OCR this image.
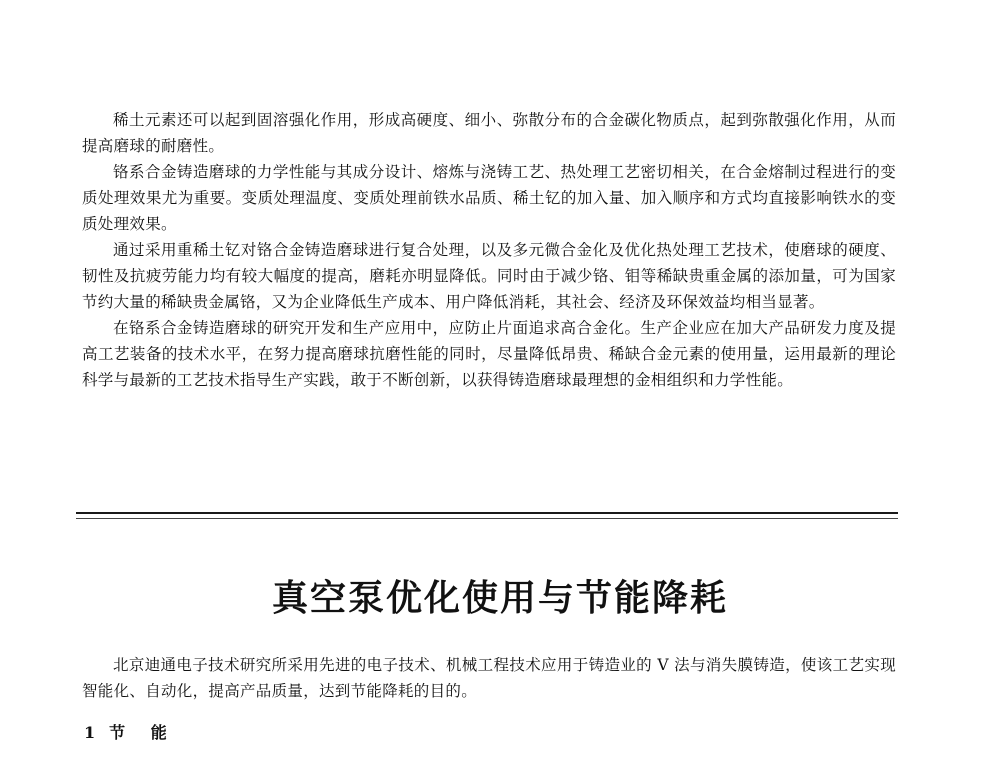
稀土元素还可以起到固溶强化作用，形成高硬度、细小、弥散分布的合金碳化物质点，起到弥散强化作用，从而提高磨球的耐磨性。

铬系合金铸造磨球的力学性能与其成分设计、熔炼与浇铸工艺、热处理工艺密切相关，在合金熔制过程进行的变质处理效果尤为重要。变质处理温度、变质处理前铁水品质、稀土钇的加入量、加入顺序和方式均直接影响铁水的变质处理效果。

通过采用重稀土钇对铬合金铸造磨球进行复合处理，以及多元微合金化及优化热处理工艺技术，使磨球的硬度、韧性及抗疲劳能力均有较大幅度的提高，磨耗亦明显降低。同时由于减少铬、钼等稀缺贵重金属的添加量，可为国家节约大量的稀缺贵金属铬，又为企业降低生产成本、用户降低消耗，其社会、经济及环保效益均相当显著。

在铬系合金铸造磨球的研究开发和生产应用中，应防止片面追求高合金化。生产企业应在加大产品研发力度及提高工艺装备的技术水平，在努力提高磨球抗磨性能的同时，尽量降低昂贵、稀缺合金元素的使用量，运用最新的理论科学与最新的工艺技术指导生产实践，敢于不断创新，以获得铸造磨球最理想的金相组织和力学性能。

真空泵优化使用与节能降耗

北京迪通电子技术研究所采用先进的电子技术、机械工程技术应用于铸造业的 V 法与消失膜铸造，使该工艺实现智能化、自动化，提高产品质量，达到节能降耗的目的。

1 节 能
